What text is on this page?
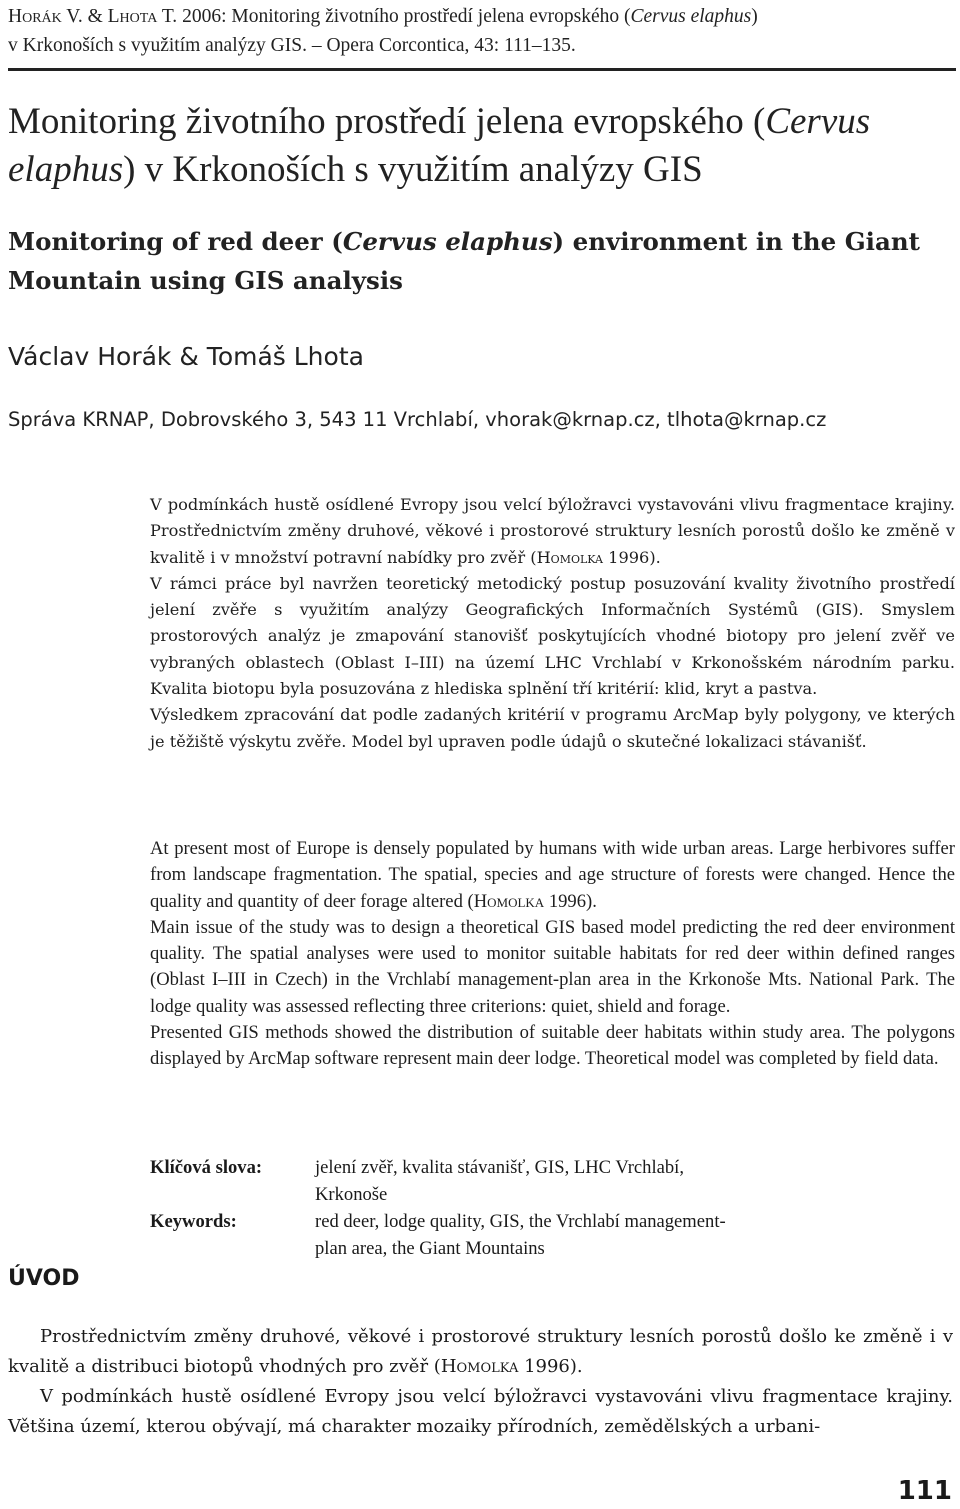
Horák V. & Lhota T. 2006: Monitoring životního prostředí jelena evropského (Cervus elaphus)
v Krkonoších s využitím analýzy GIS. – Opera Corcontica, 43: 111–135.
Monitoring životního prostředí jelena evropského (Cervus
elaphus) v Krkonoších s využitím analýzy GIS
Monitoring of red deer (Cervus elaphus) environment in the Giant Mountain using GIS analysis
Václav Horák & Tomáš Lhota
Správa KRNAP, Dobrovského 3, 543 11 Vrchlabí, vhorak@krnap.cz, tlhota@krnap.cz

V podmínkách hustě osídlené Evropy jsou velcí býložravci vystavováni vlivu fragmentace krajiny. Prostřednictvím změny druhové, věkové i prostorové struktury lesních porostů došlo ke změně v kvalitě i v množství potravní nabídky pro zvěř (Homolka 1996).

V rámci práce byl navržen teoretický metodický postup posuzování kvality životního prostředí jelení zvěře s využitím analýzy Geografických Informačních Systémů (GIS). Smyslem prostorových analýz je zmapování stanovišť poskytujících vhodné biotopy pro jelení zvěř ve vybraných oblastech (Oblast I–III) na území LHC Vrchlabí v Krkonošském národním parku. Kvalita biotopu byla posuzována z hlediska splnění tří kritérií: klid, kryt a pastva.

Výsledkem zpracování dat podle zadaných kritérií v programu ArcMap byly polygony, ve kterých je těžiště výskytu zvěře. Model byl upraven podle údajů o skutečné lokalizaci stávanišť.

At present most of Europe is densely populated by humans with wide urban areas. Large herbivores suffer from landscape fragmentation. The spatial, species and age structure of forests were changed. Hence the quality and quantity of deer forage altered (Homolka 1996).

Main issue of the study was to design a theoretical GIS based model predicting the red deer environment quality. The spatial analyses were used to monitor suitable habitats for red deer within defined ranges (Oblast I–III in Czech) in the Vrchlabí management-plan area in the Krkonoše Mts. National Park. The lodge quality was assessed reflecting three criterions: quiet, shield and forage.

Presented GIS methods showed the distribution of suitable deer habitats within study area. The polygons displayed by ArcMap software represent main deer lodge. Theoretical model was completed by field data.

Klíčová slova:	jelení zvěř, kvalita stávanišť, GIS, LHC Vrchlabí, Krkonoše
Keywords:	red deer, lodge quality, GIS, the Vrchlabí management-plan area, the Giant Mountains
ÚVOD

Prostřednictvím změny druhové, věkové i prostorové struktury lesních porostů došlo ke změně i v kvalitě a distribuci biotopů vhodných pro zvěř (Homolka 1996).

V podmínkách hustě osídlené Evropy jsou velcí býložravci vystavováni vlivu fragmentace krajiny. Většina území, kterou obývají, má charakter mozaiky přírodních, zemědělských a urbani-

111
